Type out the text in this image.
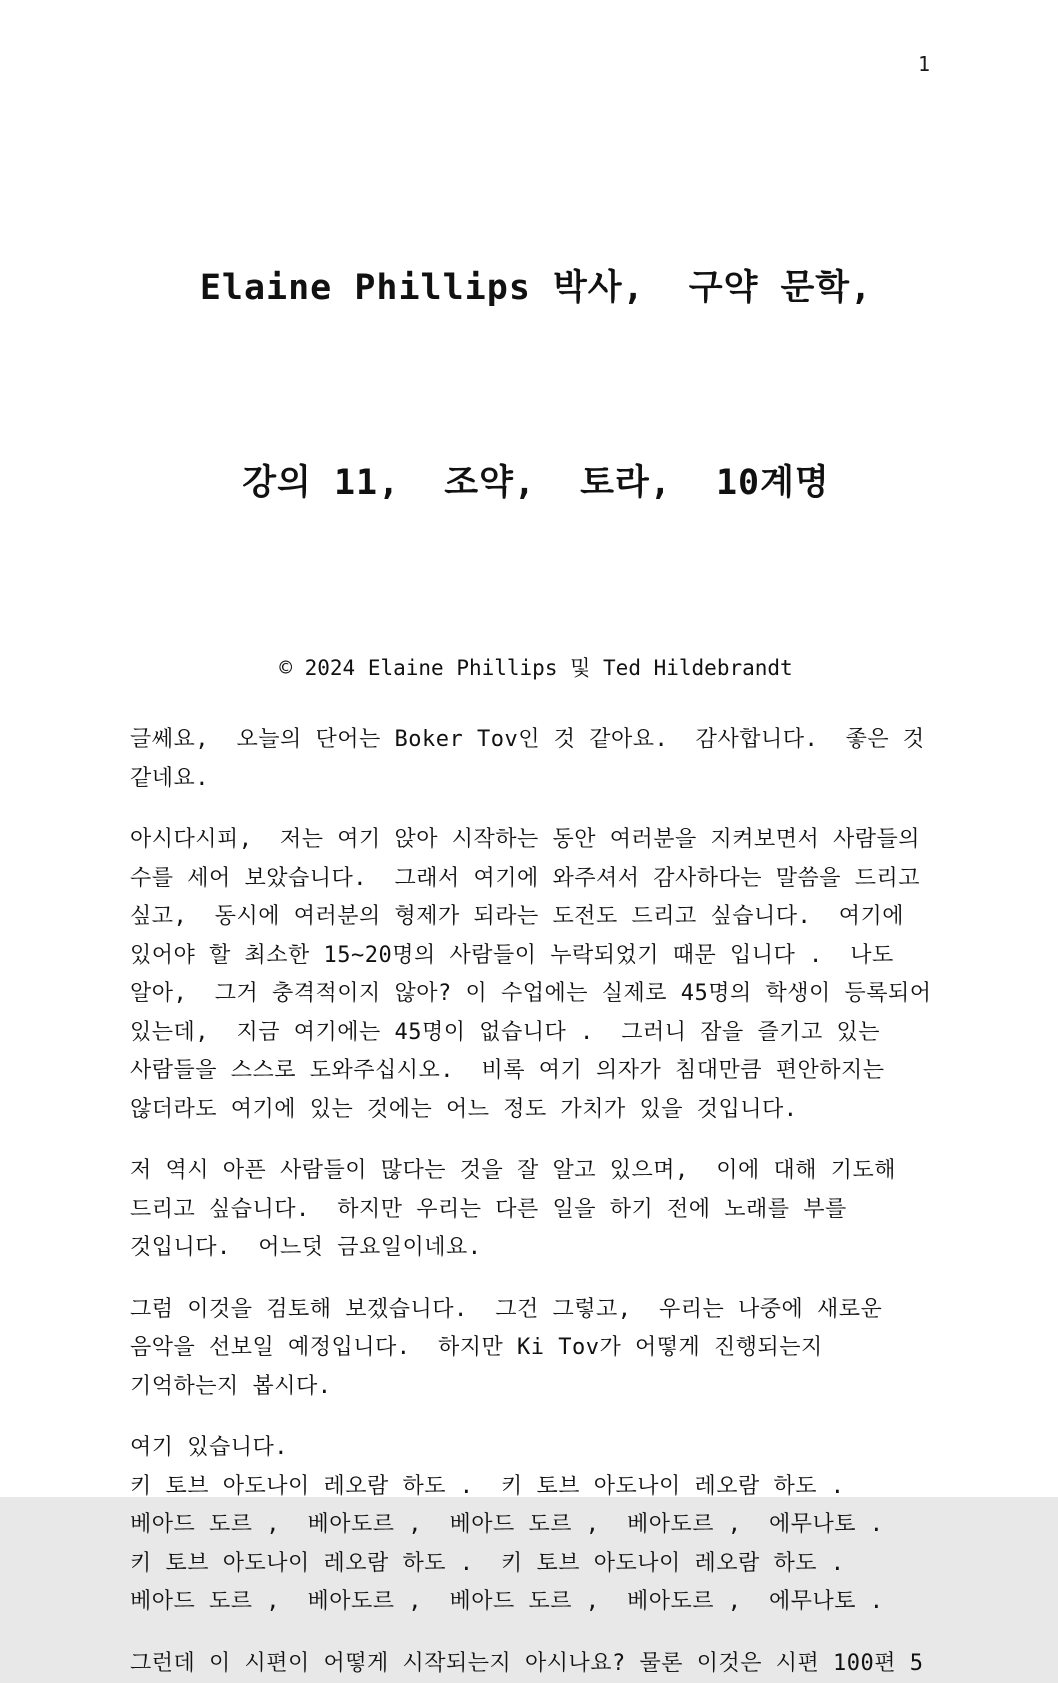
1

Elaine Phillips 박사,  구약 문학,

강의 11,  조약,  토라,  10계명

© 2024 Elaine Phillips 및 Ted Hildebrandt
글쎄요,  오늘의 단어는 Boker Tov인 것 같아요.  감사합니다.  좋은 것
같네요.
아시다시피,  저는 여기 앉아 시작하는 동안 여러분을 지켜보면서 사람들의
수를 세어 보았습니다.  그래서 여기에 와주셔서 감사하다는 말씀을 드리고
싶고,  동시에 여러분의 형제가 되라는 도전도 드리고 싶습니다.  여기에
있어야 할 최소한 15~20명의 사람들이 누락되었기 때문 입니다 .  나도
알아,  그거 충격적이지 않아? 이 수업에는 실제로 45명의 학생이 등록되어
있는데,  지금 여기에는 45명이 없습니다 .  그러니 잠을 즐기고 있는
사람들을 스스로 도와주십시오.  비록 여기 의자가 침대만큼 편안하지는
않더라도 여기에 있는 것에는 어느 정도 가치가 있을 것입니다.
저 역시 아픈 사람들이 많다는 것을 잘 알고 있으며,  이에 대해 기도해
드리고 싶습니다.  하지만 우리는 다른 일을 하기 전에 노래를 부를
것입니다.  어느덧 금요일이네요.
그럼 이것을 검토해 보겠습니다.  그건 그렇고,  우리는 나중에 새로운
음악을 선보일 예정입니다.  하지만 Ki Tov가 어떻게 진행되는지
기억하는지 봅시다.
여기 있습니다.
키 토브 아도나이 레오람 하도 .  키 토브 아도나이 레오람 하도 .
베아드 도르 ,  베아도르 ,  베아드 도르 ,  베아도르 ,  에무나토 .
키 토브 아도나이 레오람 하도 .  키 토브 아도나이 레오람 하도 .
베아드 도르 ,  베아도르 ,  베아드 도르 ,  베아도르 ,  에무나토 .
그런데 이 시편이 어떻게 시작되는지 아시나요? 물론 이것은 시편 100편 5
